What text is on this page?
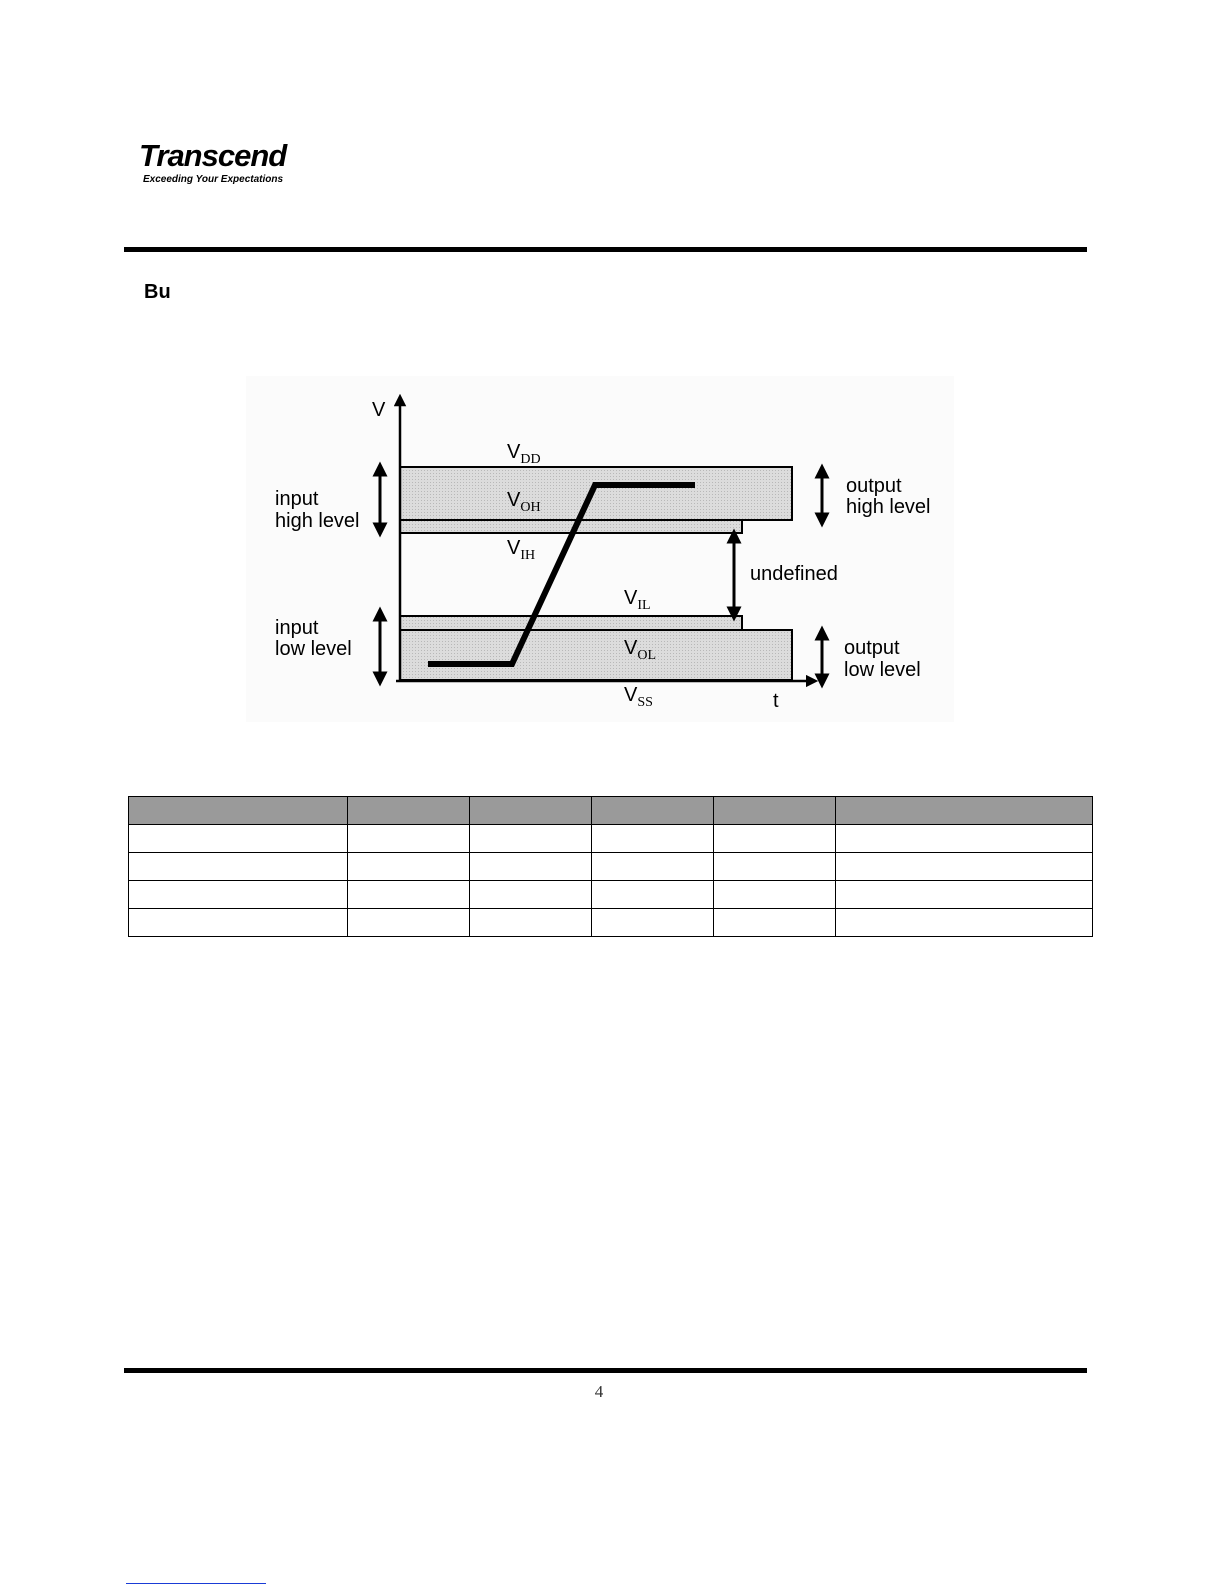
Transcend
Exceeding Your Expectations
Bu
V
t
$V_{DD}$
$V_{OH}$
$V_{IH}$
$V_{IL}$
$V_{OL}$
$V_{SS}$
input
high level
input
low level
output
high level
output
low level
undefined

4
